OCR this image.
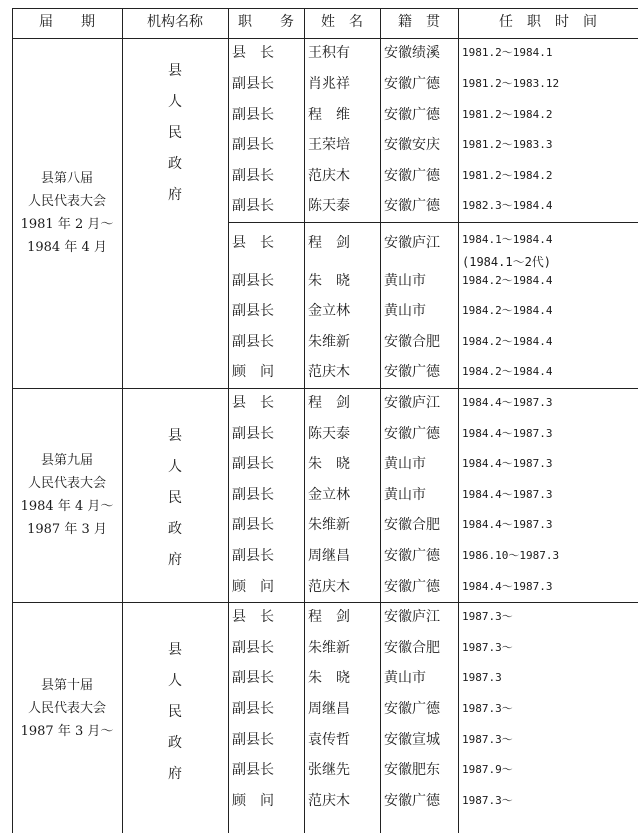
届　　期	机构名称	职　　务	姓　名	籍　贯	任　职　时　间
县　长 王积有 安徽绩溪 1981.2～1984.1
副县长 肖兆祥 安徽广德 1981.2～1983.12
副县长 程　维 安徽广德 1981.2～1984.2
副县长 王荣培 安徽安庆 1981.2～1983.3
副县长 范庆木 安徽广德 1981.2～1984.2
副县长 陈天泰 安徽广德 1982.3～1984.4
县
人
民
政
府
县　长 程　剑 安徽庐江 1984.1～1984.4
(1984.1～2代)
副县长 朱　晓 黄山市	1984.2～1984.4
副县长 金立林 黄山市	1984.2～1984.4
副县长 朱维新 安徽合肥 1984.2～1984.4
顾　问 范庆木 安徽广德 1984.2～1984.4
县第八届
人民代表大会
1981 年 2 月～
1984 年 4 月
县　长 程　剑 安徽庐江 1984.4～1987.3
副县长 陈天泰 安徽广德 1984.4～1987.3
副县长 朱　晓 黄山市	1984.4～1987.3
副县长 金立林 黄山市	1984.4～1987.3
副县长 朱维新 安徽合肥 1984.4～1987.3
副县长 周继昌 安徽广德 1986.10～1987.3
顾　问 范庆木 安徽广德 1984.4～1987.3
县
人
民
政
府
县第九届
人民代表大会
1984 年 4 月～
1987 年 3 月
县　长 程　剑 安徽庐江 1987.3～
副县长 朱维新 安徽合肥 1987.3～
副县长 朱　晓 黄山市	1987.3
副县长 周继昌 安徽广德 1987.3～
副县长 袁传哲 安徽宣城 1987.3～
副县长 张继先 安徽肥东 1987.9～
顾　问 范庆木 安徽广德 1987.3～
县
人
民
政
府
县第十届
人民代表大会
1987 年 3 月～
